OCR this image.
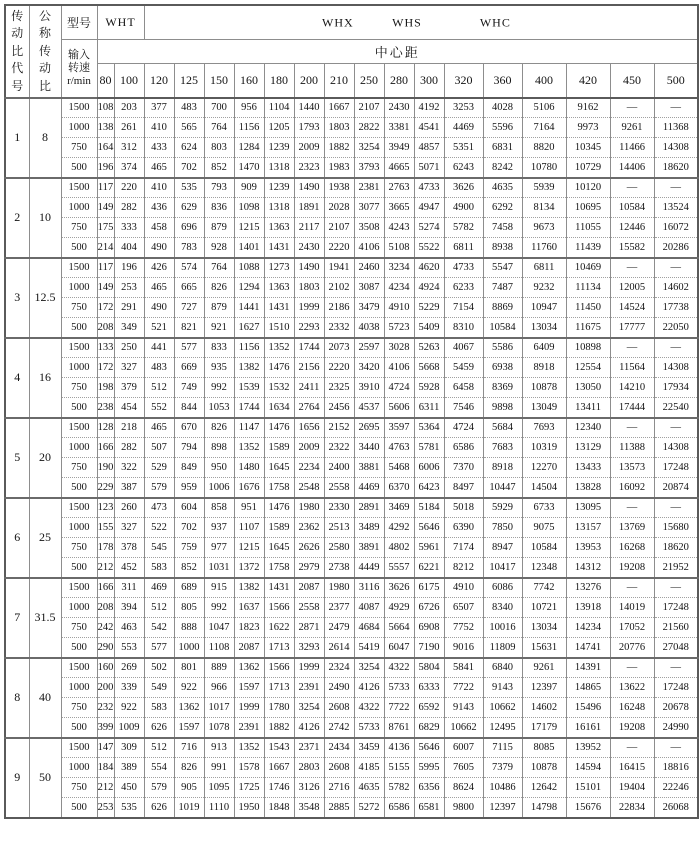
传
动
比
代
号

公
称
传
动
比
	型号	WHT	WHX	WHS	WHC

		输入
转速
r/min	中心距																	
			80	100	120	125	150	160	180	200	210	250	280	300	320	360	400	420	450	500
1	8	1500	108	203	377	483	700	956	1104	1440	1667	2107	2430	4192	3253	4028	5106	9162	—	—
		1000	138	261	410	565	764	1156	1205	1793	1803	2822	3381	4541	4469	5596	7164	9973	9261	11368
		750	164	312	433	624	803	1284	1239	2009	1882	3254	3949	4857	5351	6831	8820	10345	11466	14308
		500	196	374	465	702	852	1470	1318	2323	1983	3793	4665	5071	6243	8242	10780	10729	14406	18620
2	10	1500	117	220	410	535	793	909	1239	1490	1938	2381	2763	4733	3626	4635	5939	10120	—	—
		1000	149	282	436	629	836	1098	1318	1891	2028	3077	3665	4947	4900	6292	8134	10695	10584	13524
		750	175	333	458	696	879	1215	1363	2117	2107	3508	4243	5274	5782	7458	9673	11055	12446	16072
		500	214	404	490	783	928	1401	1431	2430	2220	4106	5108	5522	6811	8938	11760	11439	15582	20286
3	12.5	1500	117	196	426	574	764	1088	1273	1490	1941	2460	3234	4620	4733	5547	6811	10469	—	—
		1000	149	253	465	665	826	1294	1363	1803	2102	3087	4234	4924	6233	7487	9232	11134	12005	14602
		750	172	291	490	727	879	1441	1431	1999	2186	3479	4910	5229	7154	8869	10947	11450	14524	17738
		500	208	349	521	821	921	1627	1510	2293	2332	4038	5723	5409	8310	10584	13034	11675	17777	22050
4	16	1500	133	250	441	577	833	1156	1352	1744	2073	2597	3028	5263	4067	5586	6409	10898	—	—
		1000	172	327	483	669	935	1382	1476	2156	2220	3420	4106	5668	5459	6938	8918	12554	11564	14308
		750	198	379	512	749	992	1539	1532	2411	2325	3910	4724	5928	6458	8369	10878	13050	14210	17934
		500	238	454	552	844	1053	1744	1634	2764	2456	4537	5606	6311	7546	9898	13049	13411	17444	22540
5	20	1500	128	218	465	670	826	1147	1476	1656	2152	2695	3597	5364	4724	5684	7693	12340	—	—
		1000	166	282	507	794	898	1352	1589	2009	2322	3440	4763	5781	6586	7683	10319	13129	11388	14308
		750	190	322	529	849	950	1480	1645	2234	2400	3881	5468	6006	7370	8918	12270	13433	13573	17248
		500	229	387	579	959	1006	1676	1758	2548	2558	4469	6370	6423	8497	10447	14504	13828	16092	20874
6	25	1500	123	260	473	604	858	951	1476	1980	2330	2891	3469	5184	5018	5929	6733	13095	—	—
		1000	155	327	522	702	937	1107	1589	2362	2513	3489	4292	5646	6390	7850	9075	13157	13769	15680
		750	178	378	545	759	977	1215	1645	2626	2580	3891	4802	5961	7174	8947	10584	13953	16268	18620
		500	212	452	583	852	1031	1372	1758	2979	2738	4449	5557	6221	8212	10417	12348	14312	19208	21952
7	31.5	1500	166	311	469	689	915	1382	1431	2087	1980	3116	3626	6175	4910	6086	7742	13276	—	—
		1000	208	394	512	805	992	1637	1566	2558	2377	4087	4929	6726	6507	8340	10721	13918	14019	17248
		750	242	463	542	888	1047	1823	1622	2871	2479	4684	5664	6908	7752	10016	13034	14234	17052	21560
		500	290	553	577	1000	1108	2087	1713	3293	2614	5419	6047	7190	9016	11809	15631	14741	20776	27048
8	40	1500	160	269	502	801	889	1362	1566	1999	2324	3254	4322	5804	5841	6840	9261	14391	—	—
		1000	200	339	549	922	966	1597	1713	2391	2490	4126	5733	6333	7722	9143	12397	14865	13622	17248
		750	232	922	583	1362	1017	1999	1780	3254	2608	4322	7722	6592	9143	10662	14602	15496	16248	20678
		500	399	1009	626	1597	1078	2391	1882	4126	2742	5733	8761	6829	10662	12495	17179	16161	19208	24990
9	50	1500	147	309	512	716	913	1352	1543	2371	2434	3459	4136	5646	6007	7115	8085	13952	—	—
		1000	184	389	554	826	991	1578	1667	2803	2608	4185	5155	5995	7605	7379	10878	14594	16415	18816
		750	212	450	579	905	1095	1725	1746	3126	2716	4635	5782	6356	8624	10486	12642	15101	19404	22246
		500	253	535	626	1019	1110	1950	1848	3548	2885	5272	6586	6581	9800	12397	14798	15676	22834	26068
